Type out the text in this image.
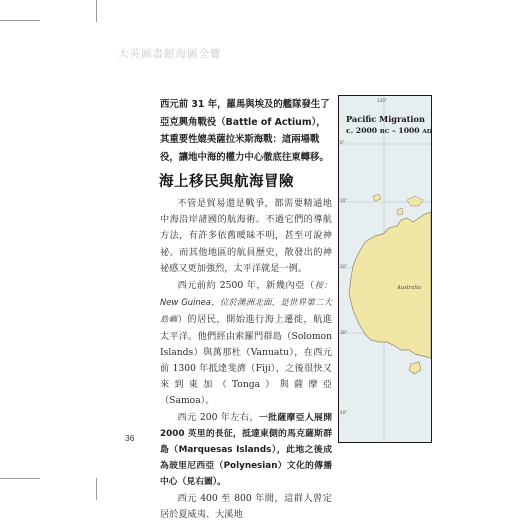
大英圖書館海圖全覽

西元前 31 年，羅馬與埃及的艦隊發生了亞克興角戰役（Battle of Actium），其重要性媲美薩拉米斯海戰：這兩場戰役，讓地中海的權力中心徹底往東轉移。

海上移民與航海冒險

不管是貿易還是戰爭，都需要精通地中海沿岸諸國的航海術。不過它們的導航方法，有許多依舊曖昧不明，甚至可說神祕。而其他地區的航員歷史，散發出的神祕感又更加強烈，太平洋就是一例。

西元前約 2500 年，新幾內亞（按：New Guinea，位於澳洲北面，是世界第二大島嶼）的居民，開始進行海上遷徙，航進太平洋。他們經由索羅門群島（Solomon Islands）與萬那杜（Vanuatu），在西元前 1300 年抵達斐濟（Fiji），之後很快又來到東加（Tonga）與薩摩亞（Samoa）。

西元 200 年左右，一批薩摩亞人展開 2000 英里的長征，抵達東側的馬克薩斯群島（Marquesas Islands），此地之後成為玻里尼西亞（Polynesian）文化的傳播中心（見右圖）。

西元 400 至 800 年間，這群人曾定居於夏威夷、大溪地

36
120°
0°
10°
20°
30°
40°
Pacific Migration
c. 2000 BC – 1000 AD
Australia
